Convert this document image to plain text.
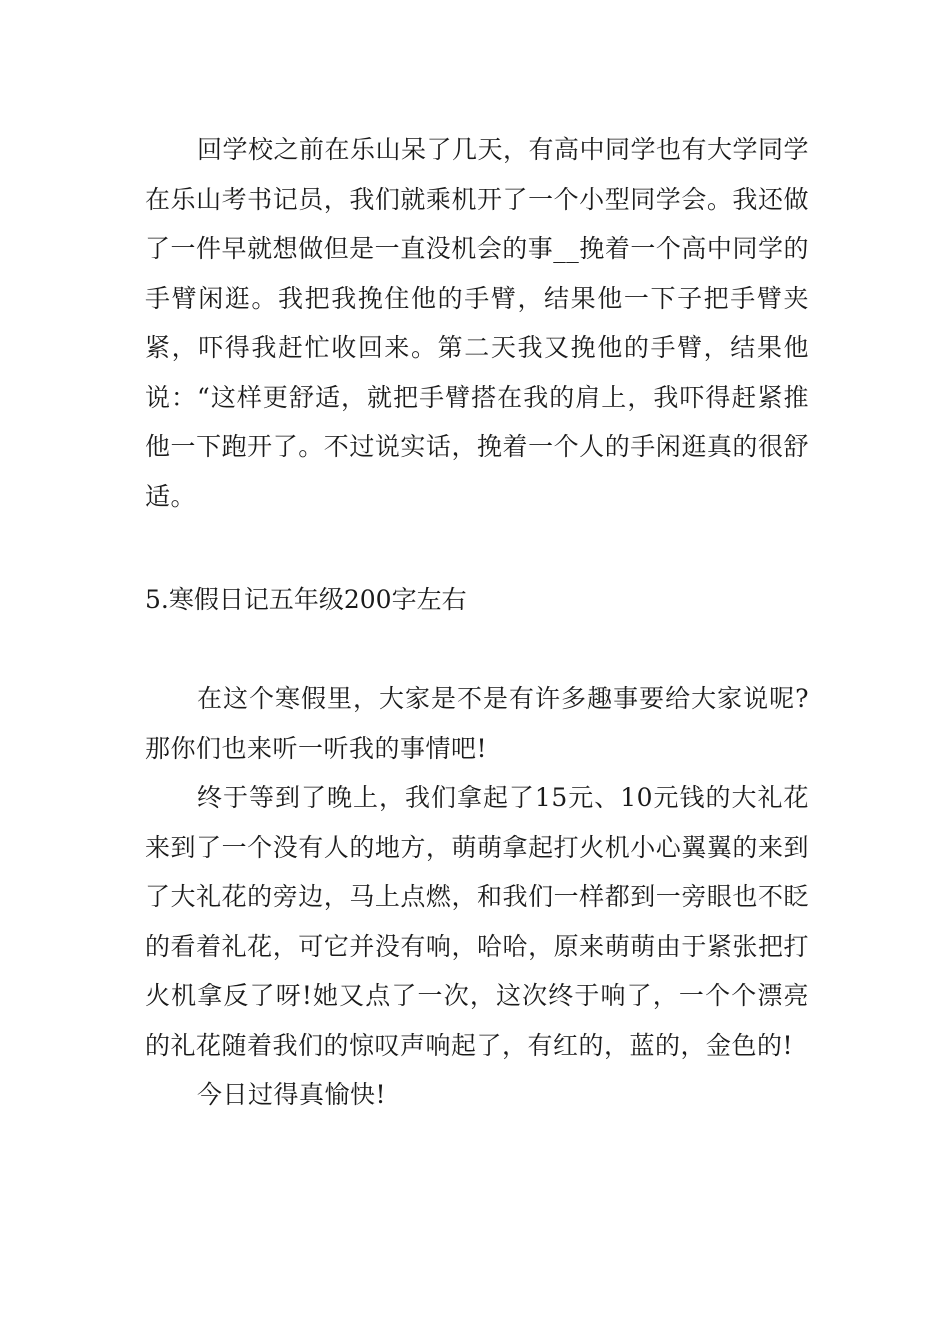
回学校之前在乐山呆了几天，有高中同学也有大学同学在乐山考书记员，我们就乘机开了一个小型同学会。我还做了一件早就想做但是一直没机会的事__挽着一个高中同学的手臂闲逛。我把我挽住他的手臂，结果他一下子把手臂夹紧，吓得我赶忙收回来。第二天我又挽他的手臂，结果他说：“这样更舒适，就把手臂搭在我的肩上，我吓得赶紧推他一下跑开了。不过说实话，挽着一个人的手闲逛真的很舒适。

5.寒假日记五年级200字左右

在这个寒假里，大家是不是有许多趣事要给大家说呢?那你们也来听一听我的事情吧!

终于等到了晚上，我们拿起了15元、10元钱的大礼花来到了一个没有人的地方，萌萌拿起打火机小心翼翼的来到了大礼花的旁边，马上点燃，和我们一样都到一旁眼也不眨的看着礼花，可它并没有响，哈哈，原来萌萌由于紧张把打火机拿反了呀!她又点了一次，这次终于响了，一个个漂亮的礼花随着我们的惊叹声响起了，有红的，蓝的，金色的!

今日过得真愉快!
